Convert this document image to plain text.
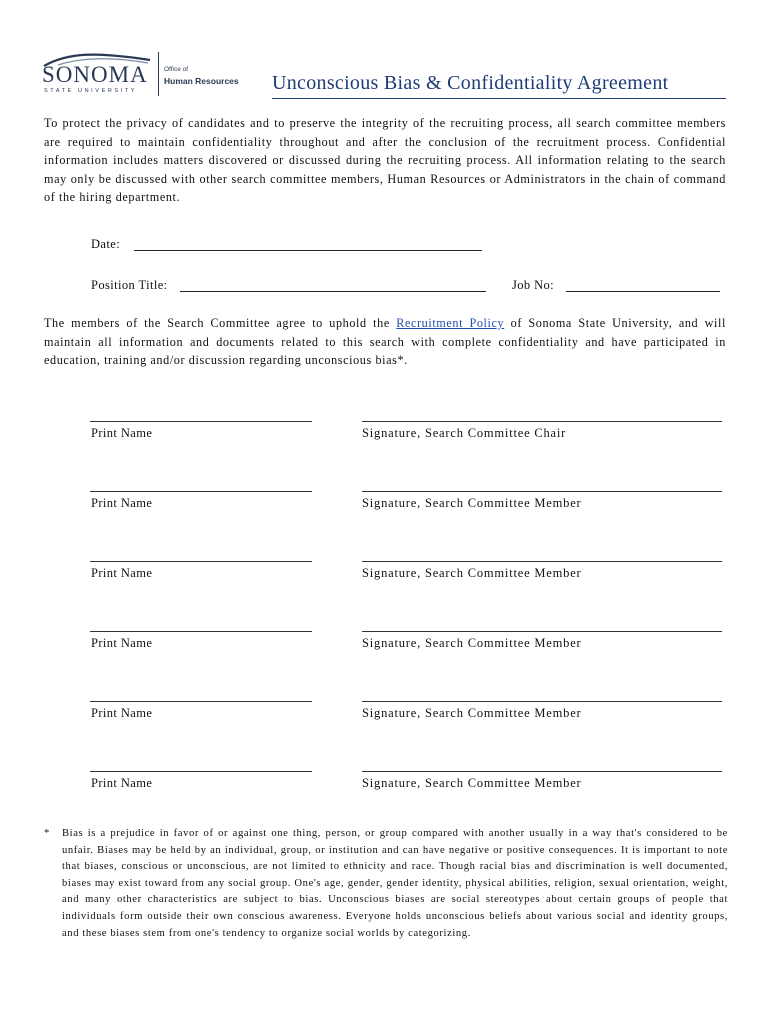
SONOMA
STATE UNIVERSITY
Office of
Human Resources Unconscious Bias & Confidentiality Agreement

To protect the privacy of candidates and to preserve the integrity of the recruiting process, all search committee members are required to maintain confidentiality throughout and after the conclusion of the recruitment process. Confidential information includes matters discovered or discussed during the recruiting process. All information relating to the search may only be discussed with other search committee members, Human Resources or Administrators in the chain of command of the hiring department.

Date:
Position Title:	Job No:

The members of the Search Committee agree to uphold the Recruitment Policy of Sonoma State University, and will maintain all information and documents related to this search with complete confidentiality and have participated in education, training and/or discussion regarding unconscious bias*.

Print Name	Signature, Search Committee Chair
Print Name	Signature, Search Committee Member
Print Name	Signature, Search Committee Member
Print Name	Signature, Search Committee Member
Print Name	Signature, Search Committee Member
Print Name	Signature, Search Committee Member
* Bias is a prejudice in favor of or against one thing, person, or group compared with another usually in a way that's considered to be unfair. Biases may be held by an individual, group, or institution and can have negative or positive consequences. It is important to note that biases, conscious or unconscious, are not limited to ethnicity and race. Though racial bias and discrimination is well documented, biases may exist toward from any social group. One's age, gender, gender identity, physical abilities, religion, sexual orientation, weight, and many other characteristics are subject to bias. Unconscious biases are social stereotypes about certain groups of people that individuals form outside their own conscious awareness. Everyone holds unconscious beliefs about various social and identity groups, and these biases stem from one's tendency to organize social worlds by categorizing.
